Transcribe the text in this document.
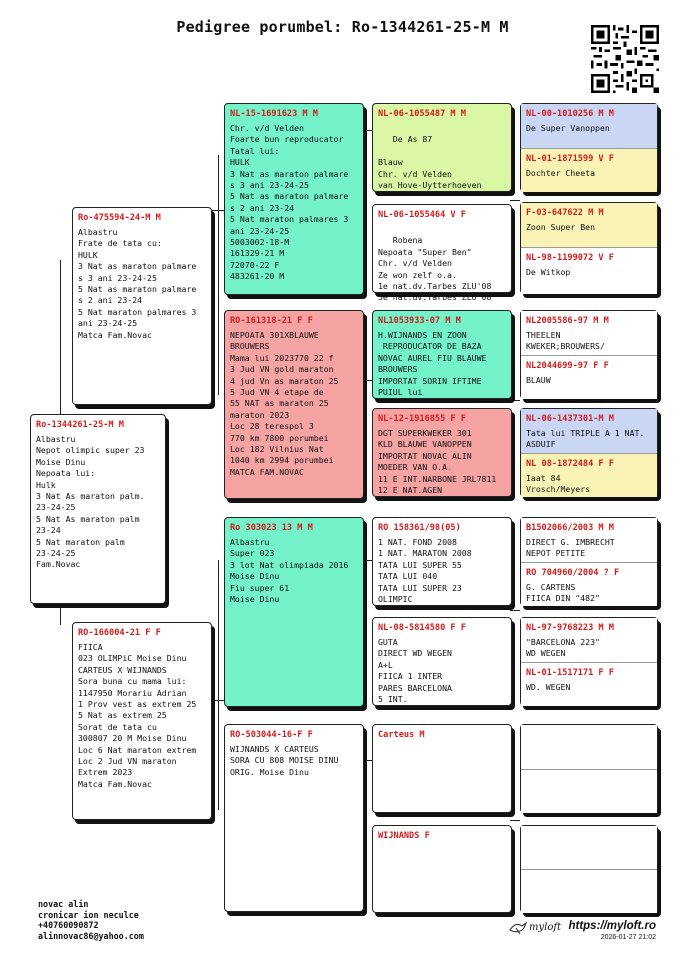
Pedigree porumbel: Ro-1344261-25-M M
Ro-1344261-25-M M
Albastru
Nepot olimpic super 23
Moise Dinu
Nepoata lui:
Hulk
3 Nat As maraton palm.
23-24-25
5 Nat As maraton palm
23-24
5 Nat maraton palm
23-24-25
Fam.Novac
Ro-475594-24-M M
Albastru
Frate de tata cu:
HULK
3 Nat as maraton palmare
s 3 ani 23-24-25
5 Nat as maraton palmare
s 2 ani 23-24
5 Nat maraton palmares 3
ani 23-24-25
Matca Fam.Novac
RO-166004-21 F F
FIICA
023 OLIMPiC Moise Dinu
CARTEUS X WIJNANDS
Sora buna cu mama lui:
1147950 Morariu Adrian
1 Prov vest as extrem 25
5 Nat as extrem 25
Sorat de tata cu
300807 20 M Moise Dinu
Loc 6 Nat maraton extrem
Loc 2 Jud VN maraton
Extrem 2023
Matca Fam.Novac
NL-15-1691623 M M
Chr. v/d Velden
Foarte bun reproducator
Tatal lui:
HULK
3 Nat as maraton palmare
s 3 ani 23-24-25
5 Nat as maraton palmare
s 2 ani 23-24
5 Nat maraton palmares 3
ani 23-24-25
5003002-18-M
161329-21 M
72070-22 F
483261-20 M
RO-161318-21 F F
NEPOATA 301XBLAUWE
BROUWERS
Mama lui 2023770 22 f
3 Jud VN gold maraton
4 jud Vn as maraton 25
5 Jud VN 4 etape de
55 NAT as maraton 25
maraton 2023
Loc 28 terespol 3
770 km 7800 porumbei
Loc 182 Vilnius Nat
1040 km 2994 porumbei
MATCA FAM.NOVAC
Ro 303023 13 M M
Albastru
Super 023
3 lot Nat olimpiada 2016
Moise Dinu
Fiu super 61
Moise Dinu
RO-503044-16-F F
WIJNANDS X CARTEUS
SORA CU 808 MOISE DINU
ORIG. Moise Dinu
NL-06-1055487 M M

De As 87

Blauw
Chr. v/d Velden
van Hove-Uytterhoeven
NL-06-1055464 V F

Robena
Nepoata "Super Ben"
Chr. v/d Velden
Ze won zelf o.a.
1e nat.dv.Tarbes ZLU'08
5e nat.dv.Tarbes ZLU'08
NL1053933-07 M M
H.WIJNANDS EN ZOON
REPRODUCATOR DE BAZA
NOVAC AUREL FIU BLAUWE
BROUWERS
IMPORTAT SORIN IFTIME
PUIUL lui
NL-12-1916855 F F
DGT SUPERKWEKER 301
KLD BLAUWE VANOPPEN
IMPORTAT NOVAC ALIN
MOEDER VAN O.A.
11 E INT.NARBONE JRL7811
12 E NAT.AGEN
RO 158361/98(05)
1 NAT. FOND 2008
1 NAT. MARATON 2008
TATA LUI SUPER 55
TATA LUI 040
TATA LUI SUPER 23
OLIMPIC
NL-08-5814580 F F
GUTA
DIRECT WD WEGEN
A+L
FIICA 1 INTER
PARES BARCELONA
5 INT.
Carteus M
WIJNANDS F
NL-00-1010256 M M
De Super Vanoppen
NL-01-1871599 V F
Dochter Cheeta
F-03-647622 M M
Zoon Super Ben
NL-98-1199072 V F
De Witkop
NL2005586-97 M M
THEELEN
KWEKER;BROUWERS/
NL2044699-97 F F
BLAUW
NL-06-1437301-M M
Tata lui TRIPLE A 1 NAT.
ASDUIF
NL 08-1872484 F F
Iaat 84
Vrosch/Meyers
B1502066/2003 M M
DIRECT G. IMBRECHT
NEPOT PETITE
RO 704960/2004 ? F
G. CARTENS
FIICA DIN "482"
NL-97-9768223 M M
"BARCELONA 223"
WD WEGEN
NL-01-1517171 F F
WD. WEGEN
novac alin
cronicar ion neculce
+40760090872
alinnovac86@yahoo.com
myloft https://myloft.ro
2026-01-27 21:02
